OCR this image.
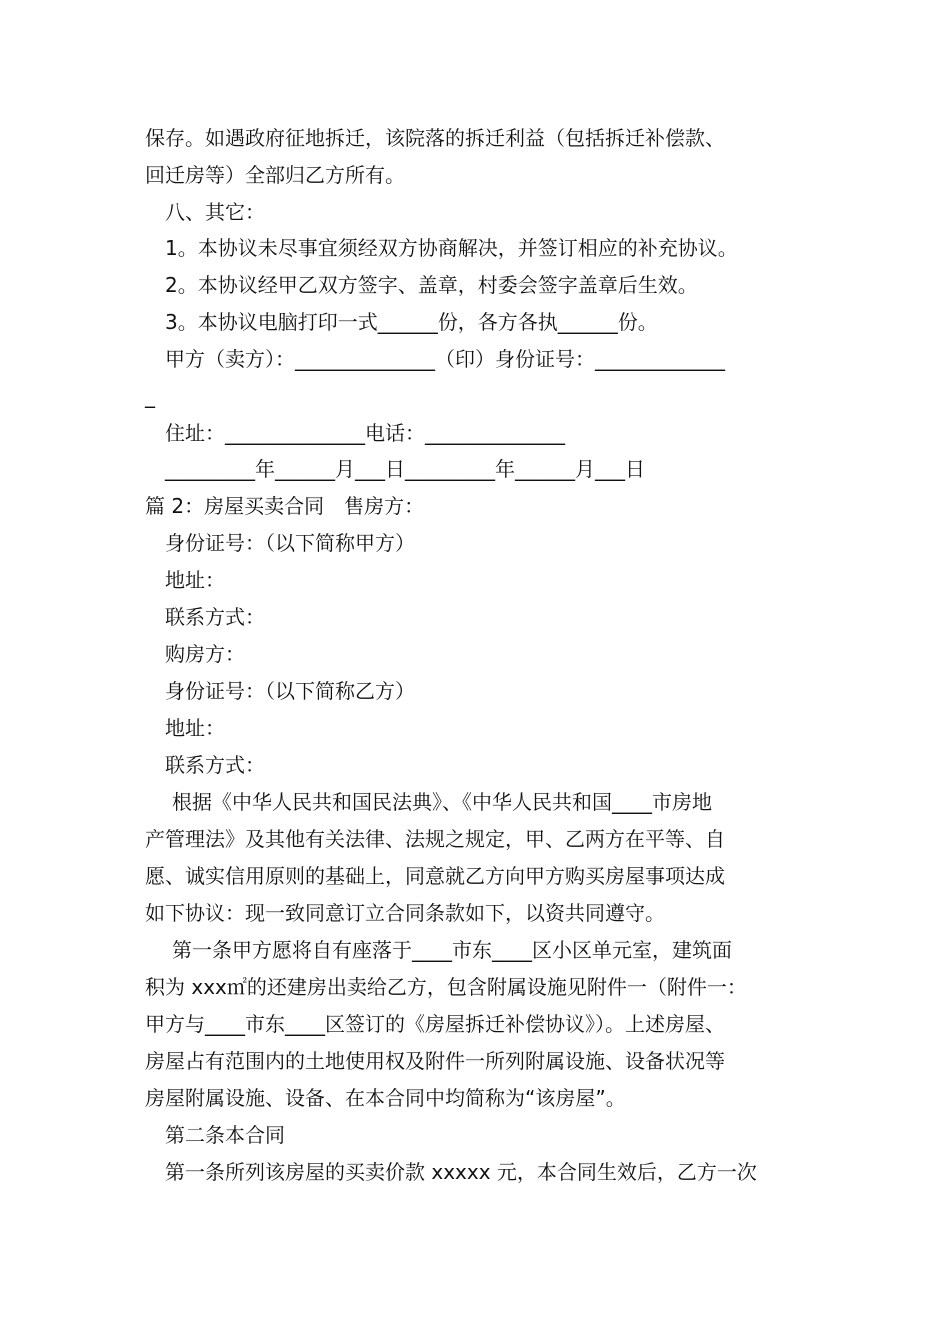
保存。如遇政府征地拆迁，该院落的拆迁利益（包括拆迁补偿款、
回迁房等）全部归乙方所有。
八、其它：
1。本协议未尽事宜须经双方协商解决，并签订相应的补充协议。
2。本协议经甲乙双方签字、盖章，村委会签字盖章后生效。
3。本协议电脑打印一式______份，各方各执______份。
甲方（卖方）：______________（印）身份证号：_____________
_
住址：______________电话：______________
_________年______月___日_________年______月___日
篇 2：房屋买卖合同　售房方：
身份证号：（以下简称甲方）
地址：
联系方式：
购房方：
身份证号：（以下简称乙方）
地址：
联系方式：
根据《中华人民共和国民法典》、《中华人民共和国____市房地
产管理法》及其他有关法律、法规之规定，甲、乙两方在平等、自
愿、诚实信用原则的基础上，同意就乙方向甲方购买房屋事项达成
如下协议：现一致同意订立合同条款如下，以资共同遵守。
第一条甲方愿将自有座落于____市东____区小区单元室，建筑面
积为 xxx㎡的还建房出卖给乙方，包含附属设施见附件一（附件一：
甲方与____市东____区签订的《房屋拆迁补偿协议》）。上述房屋、
房屋占有范围内的土地使用权及附件一所列附属设施、设备状况等
房屋附属设施、设备、在本合同中均简称为“该房屋”。
第二条本合同
第一条所列该房屋的买卖价款 xxxxx 元，本合同生效后，乙方一次
